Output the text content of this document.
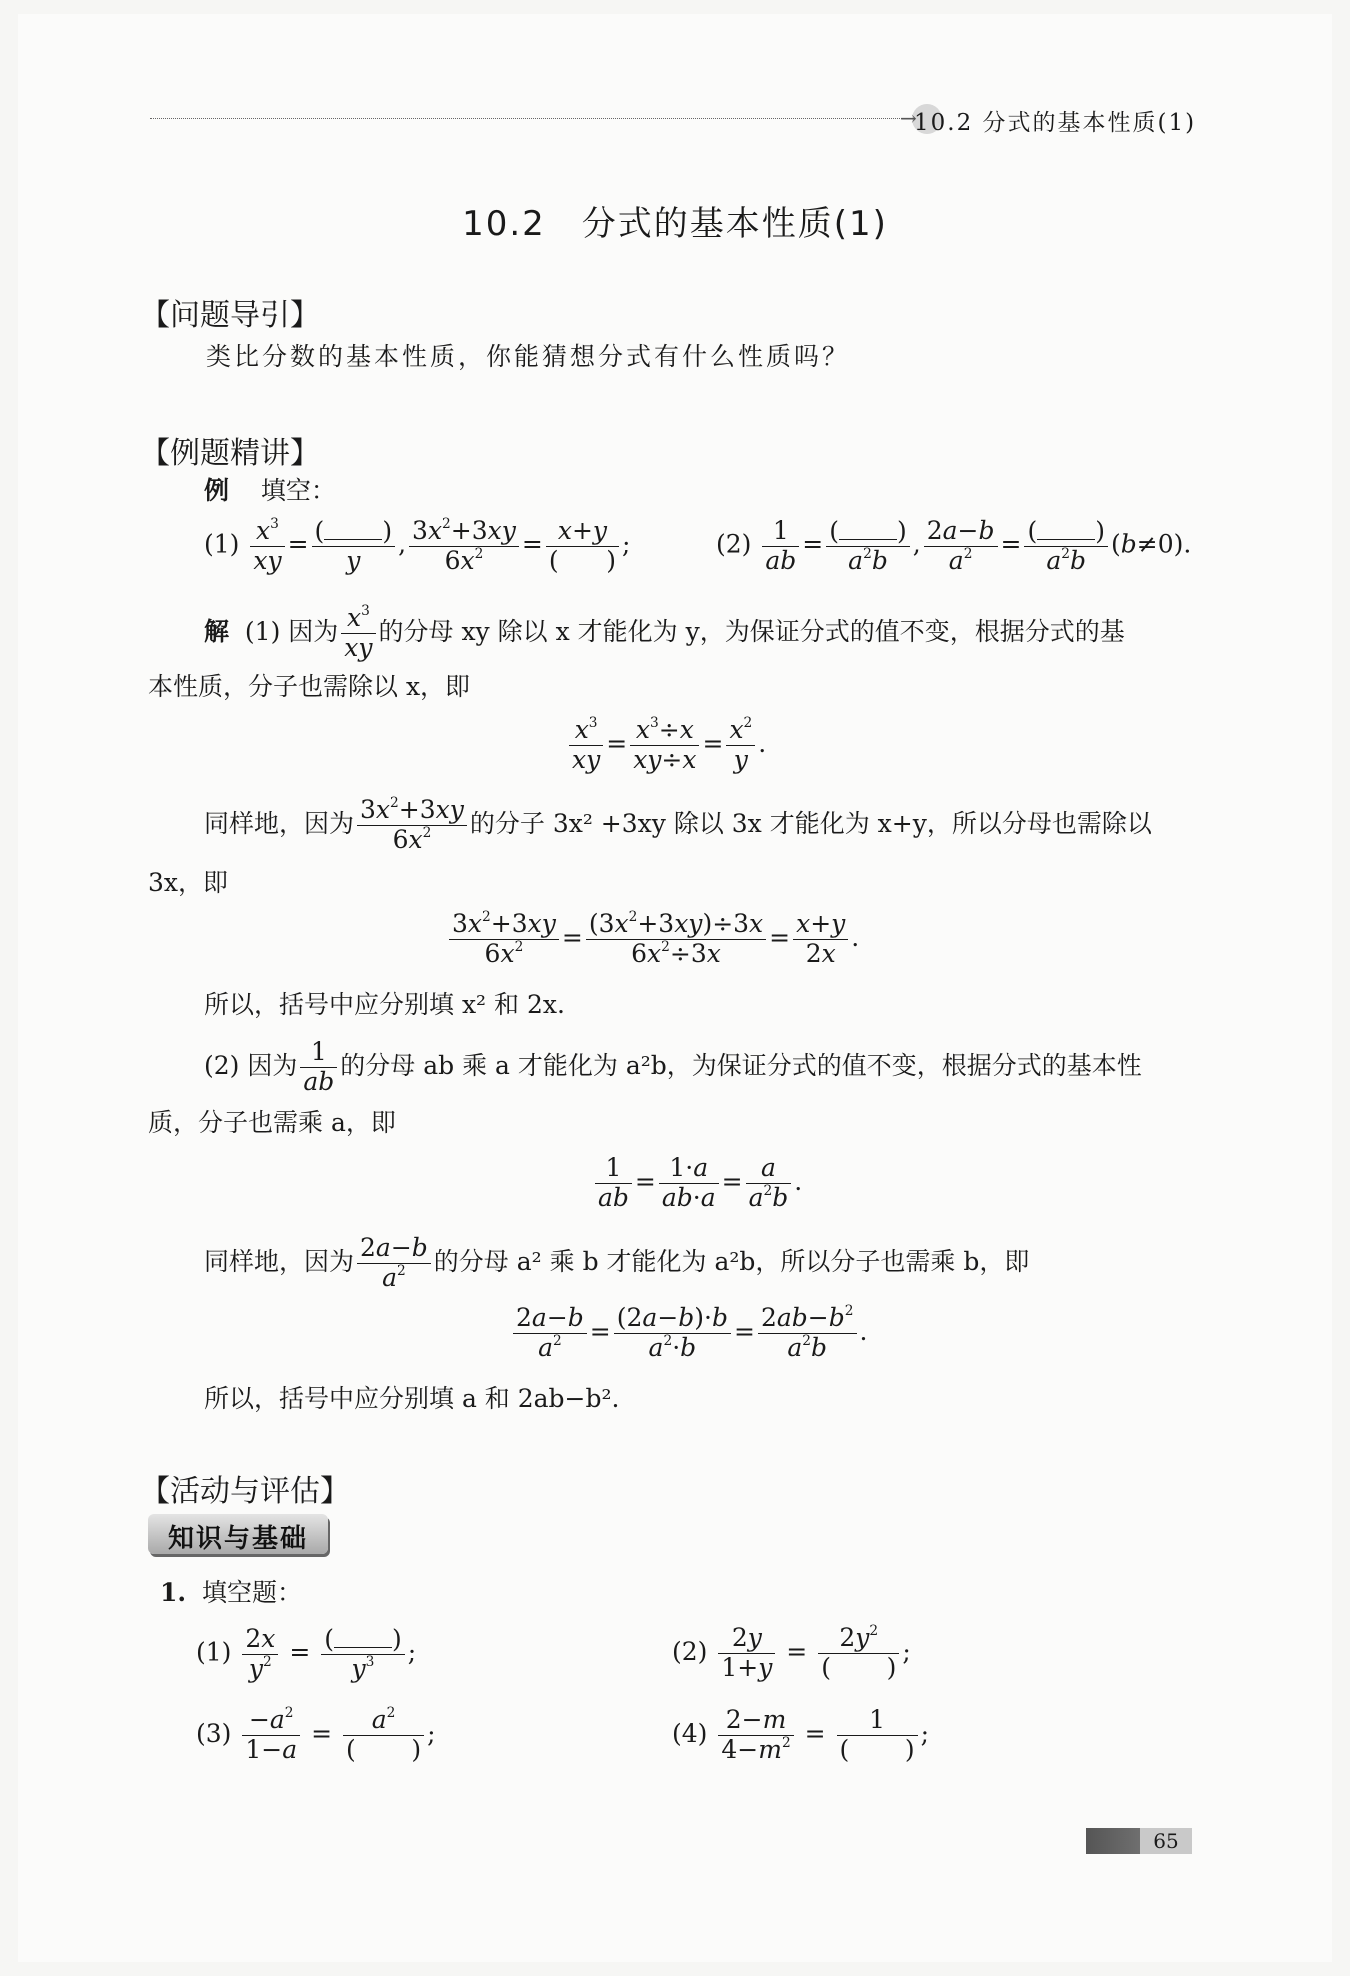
→
10.2 分式的基本性质(1)
10.2　分式的基本性质(1)
【问题导引】
类比分数的基本性质，你能猜想分式有什么性质吗？
【例题精讲】
例 填空：
$(1) \frac{x^3}{xy} = \frac{( )}{y}$ , $\frac{3x^2+3xy}{6x^2} = \frac{x+y}{( )}$ ;	$(2) \frac{1}{ab} = \frac{( )}{a^2b}$ , $\frac{2a-b}{a^2} = \frac{( )}{a^2b} (b\ne 0)$.
解  (1) 因为 $\frac{x^3}{xy}$ 的分母 xy 除以 x 才能化为 y，为保证分式的值不变，根据分式的基
本性质，分子也需除以 x，即
$\frac{x^3}{xy} = \frac{x^3\div x}{xy\div x} = \frac{x^2}{y}$ .
同样地，因为 $\frac{3x^2+3xy}{6x^2}$ 的分子 3x² +3xy 除以 3x 才能化为 x+y，所以分母也需除以
3x，即
$\frac{3x^2+3xy}{6x^2} = \frac{(3x^2+3xy)\div 3x}{6x^2\div 3x} = \frac{x+y}{2x}$ .
所以，括号中应分别填 x² 和 2x.
(2) 因为 $\frac{1}{ab}$ 的分母 ab 乘 a 才能化为 a²b，为保证分式的值不变，根据分式的基本性
质，分子也需乘 a，即
$\frac{1}{ab} = \frac{1\cdot a}{ab\cdot a} = \frac{a}{a^2b}$ .
同样地，因为 $\frac{2a-b}{a^2}$ 的分母 a² 乘 b 才能化为 a²b，所以分子也需乘 b，即
$\frac{2a-b}{a^2} = \frac{(2a-b)\cdot b}{a^2\cdot b} = \frac{2ab-b^2}{a^2b}$ .
所以，括号中应分别填 a 和 2ab−b².
【活动与评估】
知识与基础
1. 填空题：
$(1) \frac{2x}{y^2} = \frac{( )}{y^3}$ ;	$(2) \frac{2y}{1+y} = \frac{2y^2}{( )}$ ;
$(3) \frac{-a^2}{1-a} = \frac{a^2}{( )}$ ;	$(4) \frac{2-m}{4-m^2} = \frac{1}{( )}$ ;
65
